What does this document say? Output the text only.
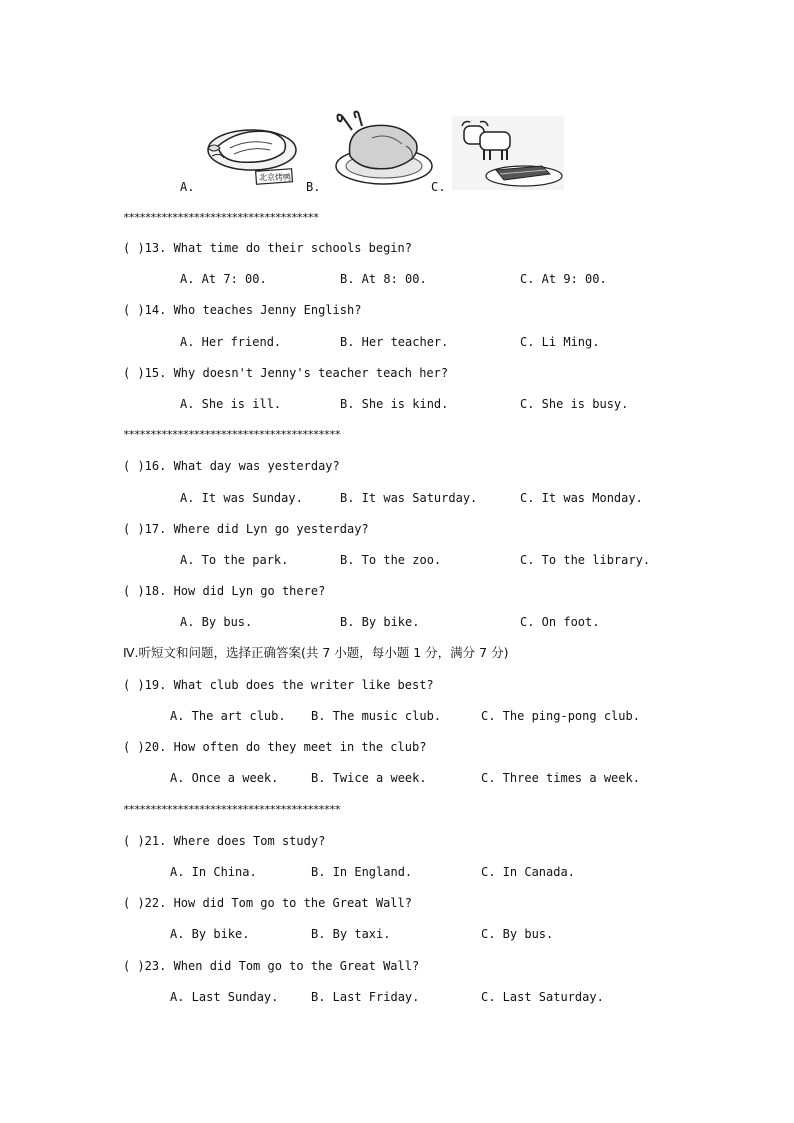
北京烤鸭
A.	B.	C.
************************************
( )13. What time do their schools begin?
A. At 7: 00.	B. At 8: 00.	C. At 9: 00.
( )14. Who teaches Jenny English?
A. Her friend.	B. Her teacher.	C. Li Ming.
( )15. Why doesn't Jenny's teacher teach her?
A. She is ill.	B. She is kind.	C. She is busy.
****************************************
( )16. What day was yesterday?
A. It was Sunday.	B. It was Saturday.	C. It was Monday.
( )17. Where did Lyn go yesterday?
A. To the park.	B. To the zoo.	C. To the library.
( )18. How did Lyn go there?
A. By bus.	B. By bike.	C. On foot.
Ⅳ.听短文和问题，选择正确答案(共 7 小题，每小题 1 分，满分 7 分)
( )19. What club does the writer like best?
A. The art club. B. The music club.	C. The ping-pong club.
( )20. How often do they meet in the club?
A. Once a week.	B. Twice a week.	C. Three times a week.
****************************************
( )21. Where does Tom study?
A. In China.	B. In England.	C. In Canada.
( )22. How did Tom go to the Great Wall?
A. By bike.	B. By taxi.	C. By bus.
( )23. When did Tom go to the Great Wall?
A. Last Sunday.	B. Last Friday.	C. Last Saturday.
